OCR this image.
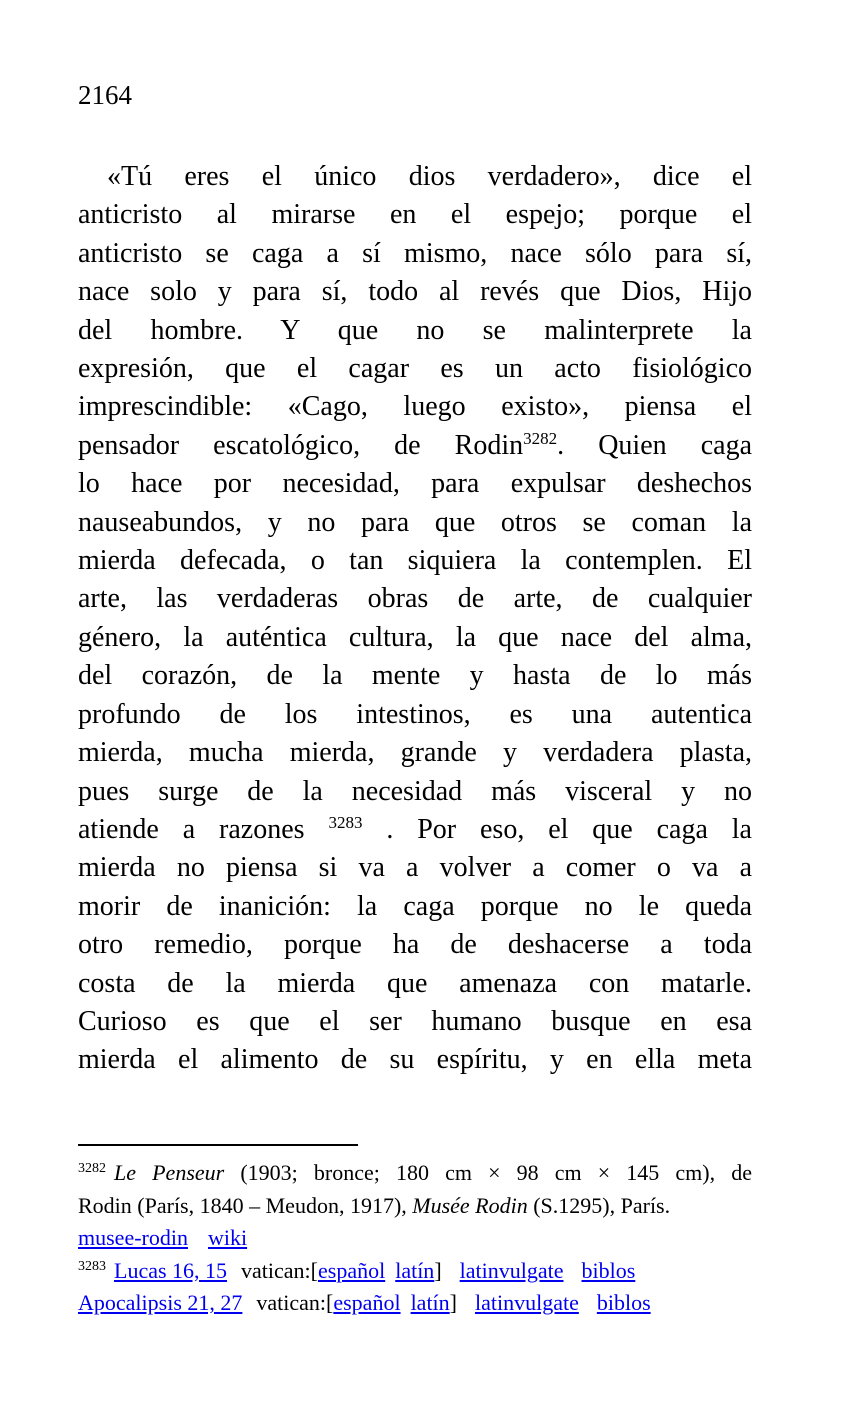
2164
«Tú eres el único dios verdadero», dice el
anticristo al mirarse en el espejo; porque el
anticristo se caga a sí mismo, nace sólo para sí,
nace solo y para sí, todo al revés que Dios, Hijo
del hombre. Y que no se malinterprete la
expresión, que el cagar es un acto fisiológico
imprescindible: «Cago, luego existo», piensa el
pensador escatológico, de Rodin$^{3282}$. Quien caga
lo hace por necesidad, para expulsar deshechos
nauseabundos, y no para que otros se coman la
mierda defecada, o tan siquiera la contemplen. El
arte, las verdaderas obras de arte, de cualquier
género, la auténtica cultura, la que nace del alma,
del corazón, de la mente y hasta de lo más
profundo de los intestinos, es una autentica
mierda, mucha mierda, grande y verdadera plasta,
pues surge de la necesidad más visceral y no
atiende a razones $^{3283}$ . Por eso, el que caga la
mierda no piensa si va a volver a comer o va a
morir de inanición: la caga porque no le queda
otro remedio, porque ha de deshacerse a toda
costa de la mierda que amenaza con matarle.
Curioso es que el ser humano busque en esa
mierda el alimento de su espíritu, y en ella meta
$^{3282}$ Le Penseur (1903; bronce; 180 cm × 98 cm × 145 cm), de
Rodin (París, 1840 – Meudon, 1917), Musée Rodin (S.1295), París.
musee-rodin wiki
$^{3283}$ Lucas 16, 15 vatican:[español latín] latinvulgate biblos
Apocalipsis 21, 27 vatican:[español latín] latinvulgate biblos
